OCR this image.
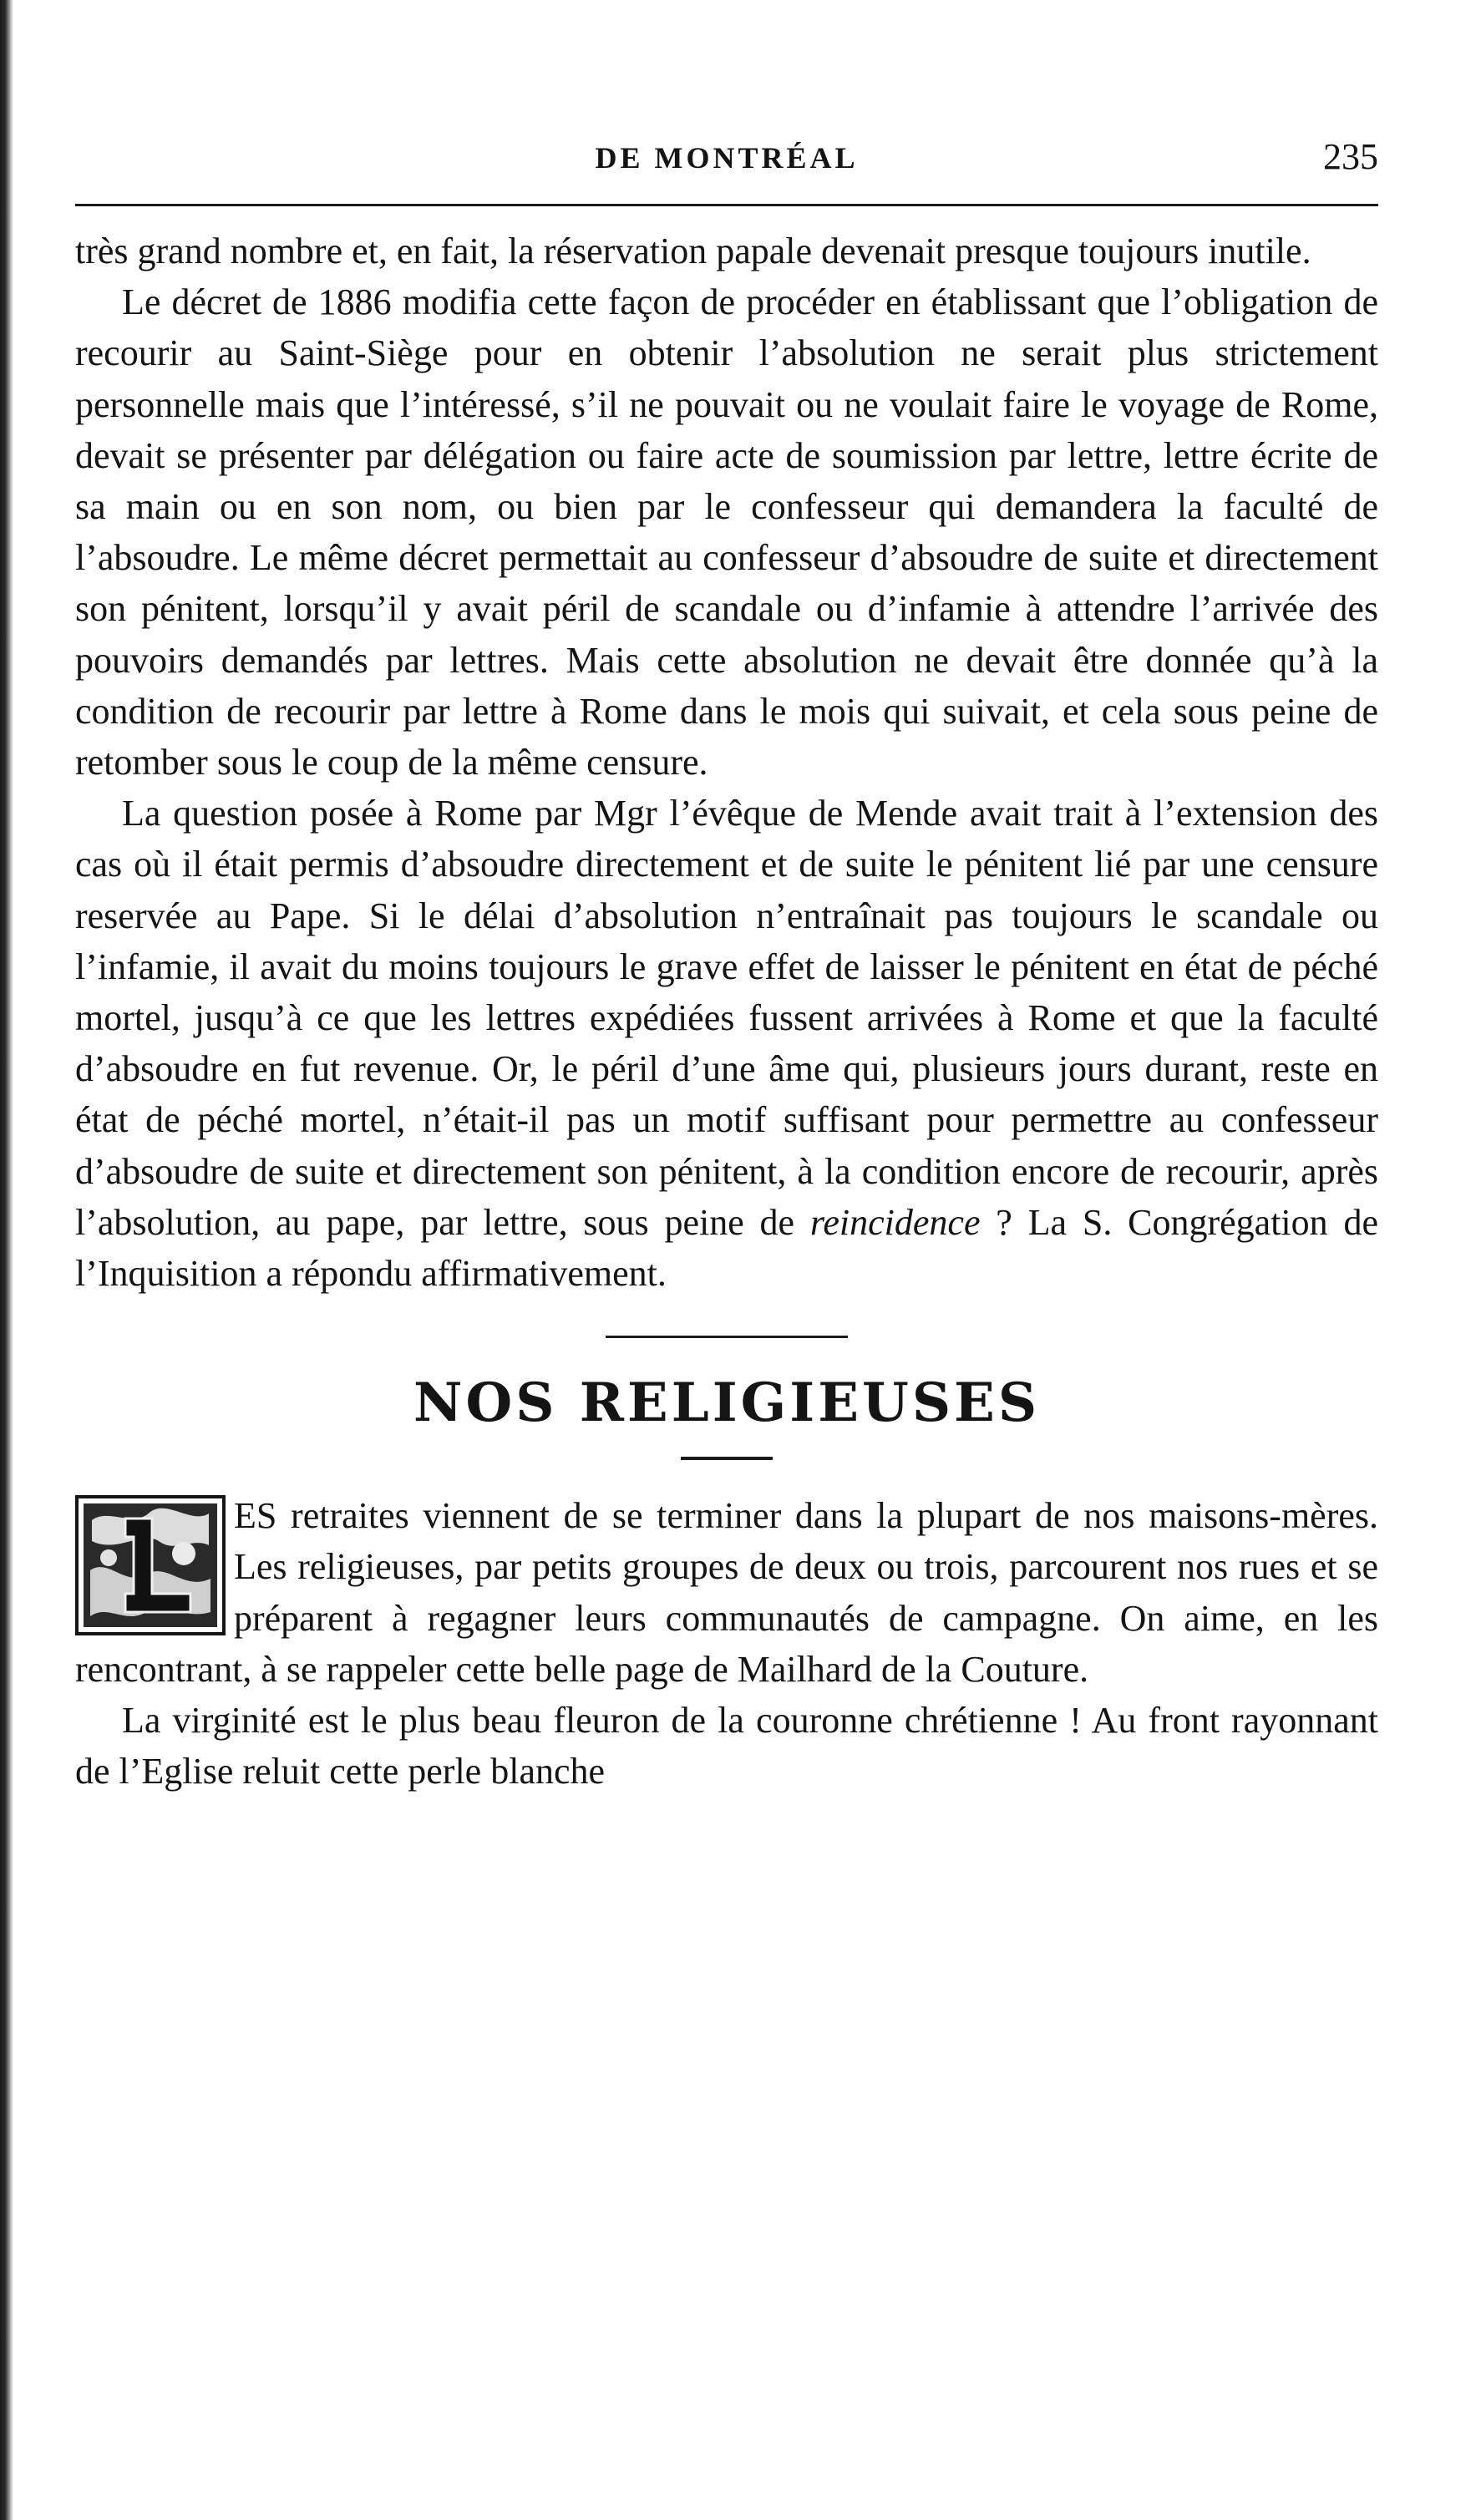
DE MONTRÉAL	235

très grand nombre et, en fait, la réservation papale devenait presque toujours inutile.

Le décret de 1886 modifia cette façon de procéder en établissant que l’obligation de recourir au Saint-Siège pour en obtenir l’absolution ne serait plus strictement personnelle mais que l’intéressé, s’il ne pouvait ou ne voulait faire le voyage de Rome, devait se présenter par délégation ou faire acte de soumission par lettre, lettre écrite de sa main ou en son nom, ou bien par le confesseur qui demandera la faculté de l’absoudre. Le même décret permettait au confesseur d’absoudre de suite et directement son pénitent, lorsqu’il y avait péril de scandale ou d’infamie à attendre l’arrivée des pouvoirs demandés par lettres. Mais cette absolution ne devait être donnée qu’à la condition de recourir par lettre à Rome dans le mois qui suivait, et cela sous peine de retomber sous le coup de la même censure.

La question posée à Rome par Mgr l’évêque de Mende avait trait à l’extension des cas où il était permis d’absoudre directement et de suite le pénitent lié par une censure reservée au Pape. Si le délai d’absolution n’entraînait pas toujours le scandale ou l’infamie, il avait du moins toujours le grave effet de laisser le pénitent en état de péché mortel, jusqu’à ce que les lettres expédiées fussent arrivées à Rome et que la faculté d’absoudre en fut revenue. Or, le péril d’une âme qui, plusieurs jours durant, reste en état de péché mortel, n’était-il pas un motif suffisant pour permettre au confesseur d’absoudre de suite et directement son pénitent, à la condition encore de recourir, après l’absolution, au pape, par lettre, sous peine de reincidence ? La S. Congrégation de l’Inquisition a répondu affirmativement.

NOS RELIGIEUSES
ES retraites viennent de se terminer dans la plupart de nos maisons-mères. Les religieuses, par petits groupes de deux ou trois, parcourent nos rues et se préparent à regagner leurs communautés de campagne. On aime, en les rencontrant, à se rappeler cette belle page de Mailhard de la Couture.

La virginité est le plus beau fleuron de la couronne chrétienne ! Au front rayonnant de l’Eglise reluit cette perle blanche
